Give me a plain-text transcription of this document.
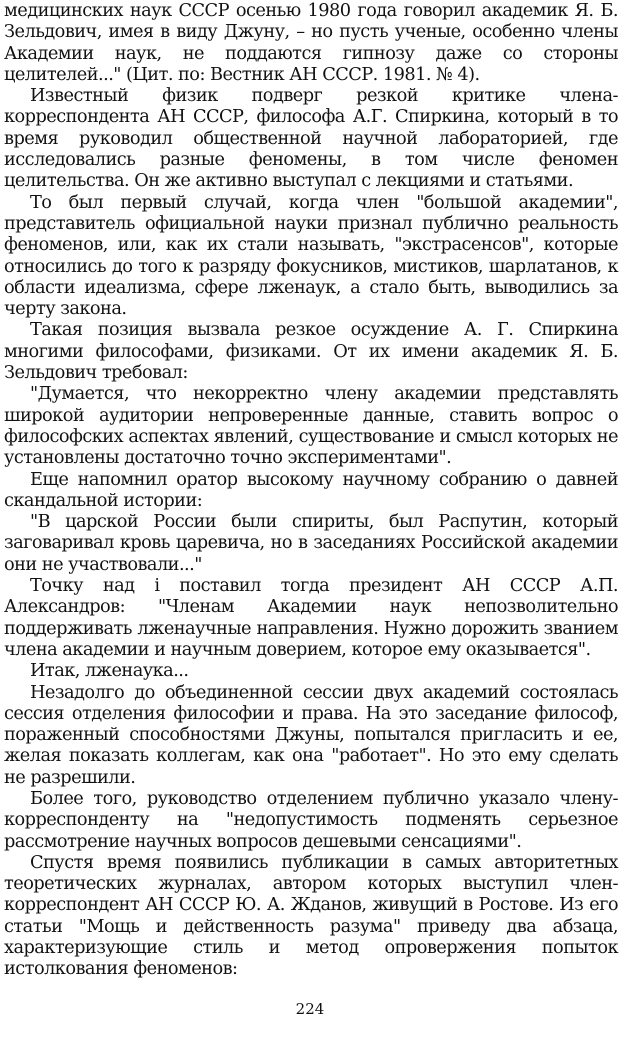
медицинских наук СССР осенью 1980 года говорил академик Я. Б. Зельдович, имея в виду Джуну, – но пусть ученые, особенно члены Академии наук, не поддаются гипнозу даже со стороны целителей..." (Цит. по: Вестник АН СССР. 1981. № 4).

Известный физик подверг резкой критике члена-корреспондента АН СССР, философа А.Г. Спиркина, который в то время руководил общественной научной лабораторией, где исследовались разные феномены, в том числе феномен целительства. Он же активно выступал с лекциями и статьями.

То был первый случай, когда член "большой академии", представитель официальной науки признал публично реальность феноменов, или, как их стали называть, "экстрасенсов", которые относились до того к разряду фокусников, мистиков, шарлатанов, к области идеализма, сфере лженаук, а стало быть, выводились за черту закона.

Такая позиция вызвала резкое осуждение А. Г. Спиркина многими философами, физиками. От их имени академик Я. Б. Зельдович требовал:

"Думается, что некорректно члену академии представлять широкой аудитории непроверенные данные, ставить вопрос о философских аспектах явлений, существование и смысл которых не установлены достаточно точно экспериментами".

Еще напомнил оратор высокому научному собранию о давней скандальной истории:

"В царской России были спириты, был Распутин, который заговаривал кровь царевича, но в заседаниях Российской академии они не участвовали..."

Точку над i поставил тогда президент АН СССР А.П. Александров: "Членам Академии наук непозволительно поддерживать лженаучные направления. Нужно дорожить званием члена академии и научным доверием, которое ему оказывается".

Итак, лженаука...

Незадолго до объединенной сессии двух академий состоялась сессия отделения философии и права. На это заседание философ, пораженный способностями Джуны, попытался пригласить и ее, желая показать коллегам, как она "работает". Но это ему сделать не разрешили.

Более того, руководство отделением публично указало члену-корреспонденту на "недопустимость подменять серьезное рассмотрение научных вопросов дешевыми сенсациями".

Спустя время появились публикации в самых авторитетных теоретических журналах, автором которых выступил член-корреспондент АН СССР Ю. А. Жданов, живущий в Ростове. Из его статьи "Мощь и действенность разума" приведу два абзаца, характеризующие стиль и метод опровержения попыток истолкования феноменов:

224
